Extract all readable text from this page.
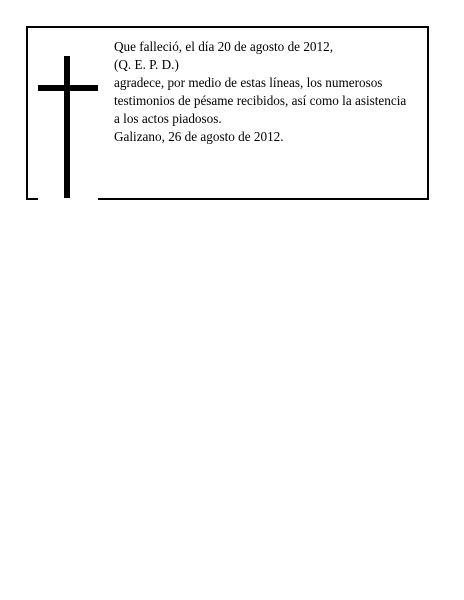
Que falleció, el día 20 de agosto de 2012,
(Q. E. P. D.)
agradece, por medio de estas líneas, los numerosos
testimonios de pésame recibidos, así como la asistencia
a los actos piadosos.
Galizano, 26 de agosto de 2012.
